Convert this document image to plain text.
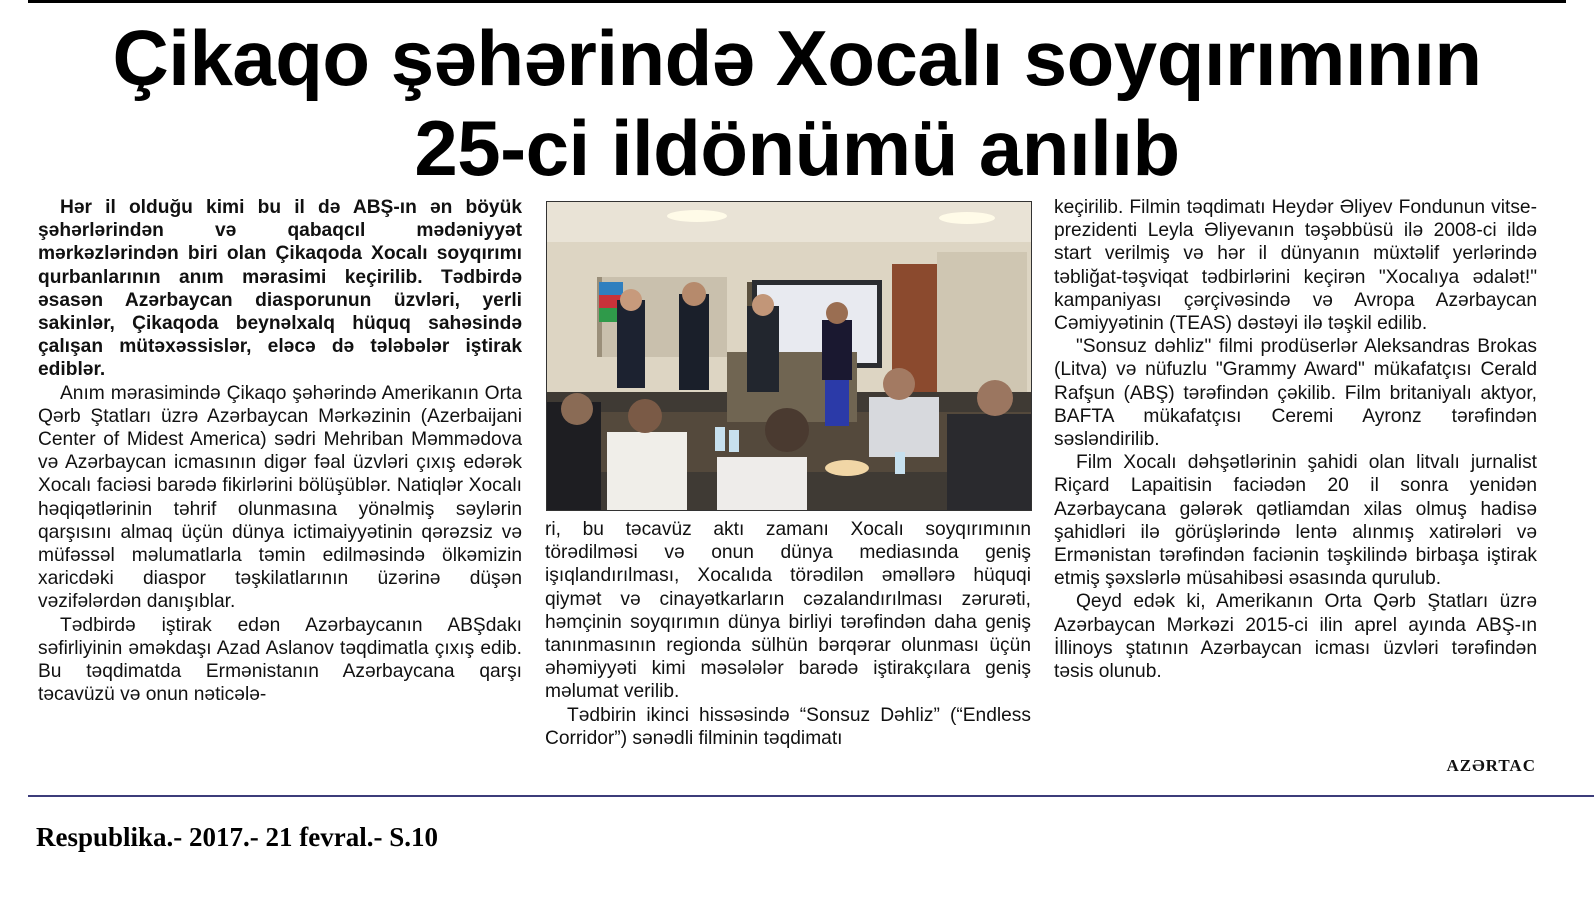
Çikaqo şəhərində Xocalı soyqırımının
25-ci ildönümü anılıb

Hər il olduğu kimi bu il də ABŞ-ın ən böyük şəhərlərindən və qabaqcıl mədəniyyət mərkəzlərindən biri olan Çikaqoda Xocalı soyqırımı qurbanlarının anım mərasimi keçirilib. Tədbirdə əsasən Azərbaycan diasporunun üzvləri, yerli sakinlər, Çikaqoda beynəlxalq hüquq sahəsində çalışan mütəxəssislər, eləcə də tələbələr iştirak ediblər.

Anım mərasimində Çikaqo şəhərində Amerikanın Orta Qərb Ştatları üzrə Azərbaycan Mərkəzinin (Azerbaijani Center of Midest America) sədri Mehriban Məmmədova və Azərbaycan icmasının digər fəal üzvləri çıxış edərək Xocalı faciəsi barədə fikirlərini bölüşüblər. Natiqlər Xocalı həqiqətlərinin təhrif olunmasına yönəlmiş səylərin qarşısını almaq üçün dünya ictimaiyyətinin qərəzsiz və müfəssəl məlumatlarla təmin edilməsində ölkəmizin xaricdəki diaspor təşkilatlarının üzərinə düşən vəzifələrdən danışıblar.

Tədbirdə iştirak edən Azərbaycanın ABŞdakı səfirliyinin əməkdaşı Azad Aslanov təqdimatla çıxış edib. Bu təqdimatda Ermənistanın Azərbaycana qarşı təcavüzü və onun nəticələ-

ri, bu təcavüz aktı zamanı Xocalı soyqırımının törədilməsi və onun dünya mediasında geniş işıqlandırılması, Xocalıda törədilən əməllərə hüquqi qiymət və cinayətkarların cəzalandırılması zərurəti, həmçinin soyqırımın dünya birliyi tərəfindən daha geniş tanınmasının regionda sülhün bərqərar olunması üçün əhəmiyyəti kimi məsələlər barədə iştirakçılara geniş məlumat verilib.

Tədbirin ikinci hissəsində “Sonsuz Dəhliz” (“Endless Corridor”) sənədli filminin təqdimatı

keçirilib. Filmin təqdimatı Heydər Əliyev Fondunun vitse-prezidenti Leyla Əliyevanın təşəbbüsü ilə 2008-ci ildə start verilmiş və hər il dünyanın müxtəlif yerlərində təbliğat-təşviqat tədbirlərini keçirən "Xocalıya ədalət!" kampaniyası çərçivəsində və Avropa Azərbaycan Cəmiyyətinin (TEAS) dəstəyi ilə təşkil edilib.

"Sonsuz dəhliz" filmi prodüserlər Aleksandras Brokas (Litva) və nüfuzlu "Grammy Award" mükafatçısı Cerald Rafşun (ABŞ) tərəfindən çəkilib. Film britaniyalı aktyor, BAFTA mükafatçısı Ceremi Ayronz tərəfindən səsləndirilib.

Film Xocalı dəhşətlərinin şahidi olan litvalı jurnalist Riçard Lapaitisin faciədən 20 il sonra yenidən Azərbaycana gələrək qətliamdan xilas olmuş hadisə şahidləri ilə görüşlərində lentə alınmış xatirələri və Ermənistan tərəfindən faciənin təşkilində birbaşa iştirak etmiş şəxslərlə müsahibəsi əsasında qurulub.

Qeyd edək ki, Amerikanın Orta Qərb Ştatları üzrə Azərbaycan Mərkəzi 2015-ci ilin aprel ayında ABŞ-ın İllinoys ştatının Azərbaycan icması üzvləri tərəfindən təsis olunub.

AZƏRTAC
Respublika.- 2017.- 21 fevral.- S.10
